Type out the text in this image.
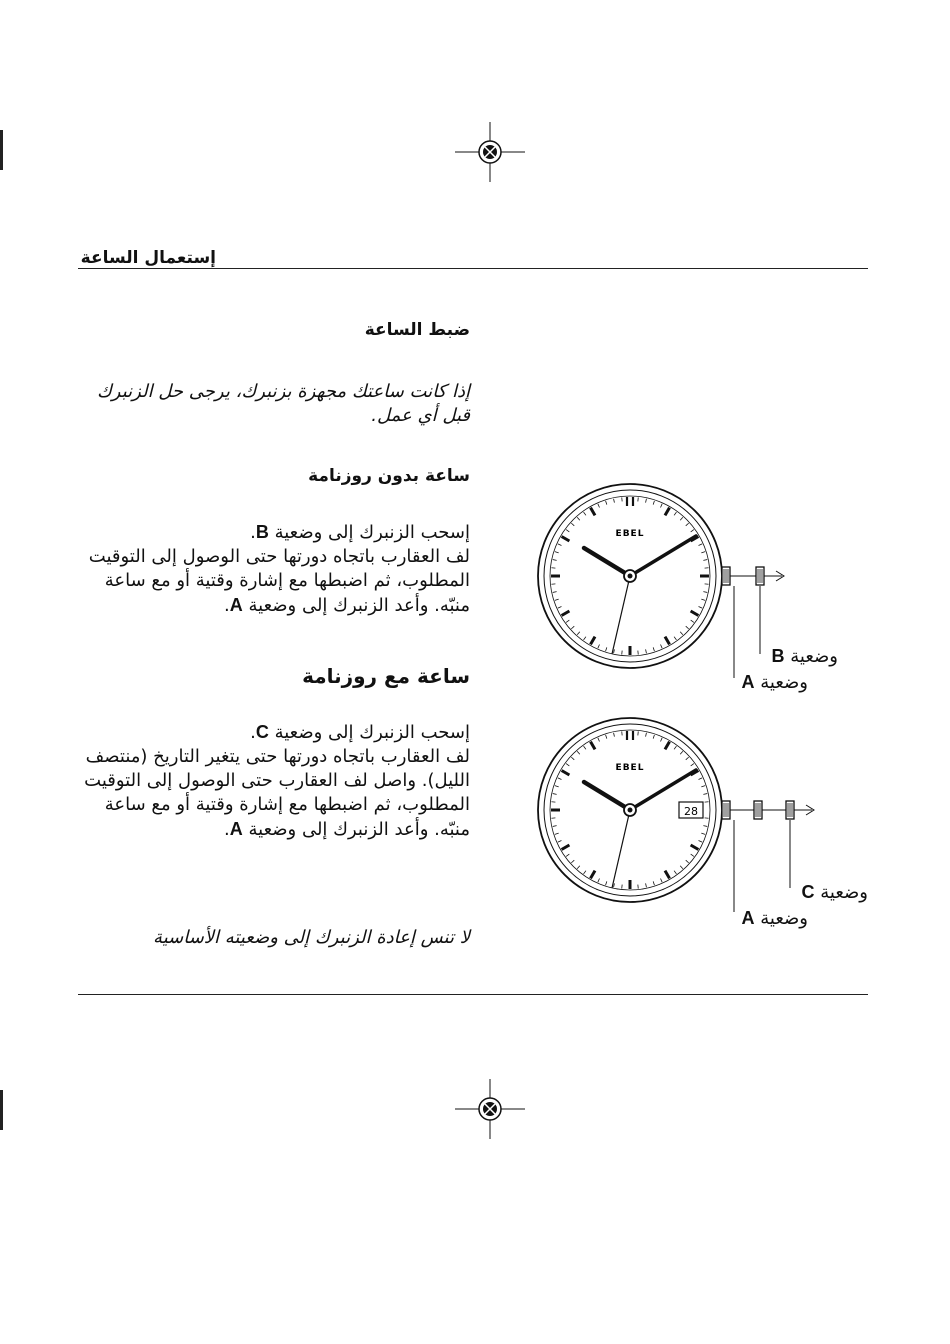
إستعمال الساعة
ضبط الساعة

إذا كانت ساعتك مجهزة بزنبرك، يرجى حل الزنبرك قبل أي عمل.

ساعة بدون روزنامة

إسحب الزنبرك إلى وضعية B.
لف العقارب باتجاه دورتها حتى الوصول إلى التوقيت المطلوب، ثم اضبطها مع إشارة وقتية أو مع ساعة منبّه. وأعد الزنبرك إلى وضعية A.

ساعة مع روزنامة

إسحب الزنبرك إلى وضعية C.
لف العقارب باتجاه دورتها حتى يتغير التاريخ (منتصف الليل). واصل لف العقارب حتى الوصول إلى التوقيت المطلوب، ثم اضبطها مع إشارة وقتية أو مع ساعة منبّه. وأعد الزنبرك إلى وضعية A.

لا تنس إعادة الزنبرك إلى وضعيته الأساسية

EBEL
وضعية B
وضعية A
EBEL
28
وضعية C
وضعية A
